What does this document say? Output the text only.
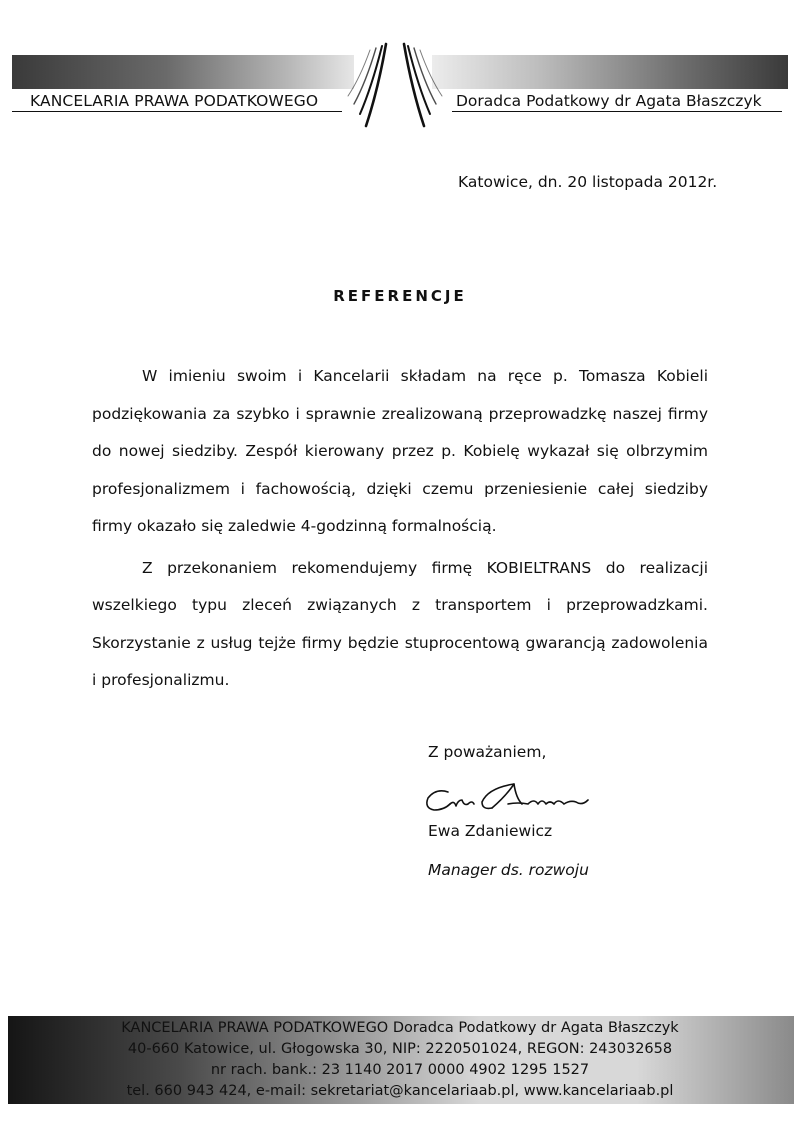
KANCELARIA PRAWA PODATKOWEGO	Doradca Podatkowy dr Agata Błaszczyk
Katowice, dn. 20 listopada 2012r.
REFERENCJE

W imieniu swoim i Kancelarii składam na ręce p. Tomasza Kobieli podziękowania za szybko i sprawnie zrealizowaną przeprowadzkę naszej firmy do nowej siedziby. Zespół kierowany przez p. Kobielę wykazał się olbrzymim profesjonalizmem i fachowością, dzięki czemu przeniesienie całej siedziby firmy okazało się zaledwie 4-godzinną formalnością.

Z przekonaniem rekomendujemy firmę KOBIELTRANS do realizacji wszelkiego typu zleceń związanych z transportem i przeprowadzkami. Skorzystanie z usług tejże firmy będzie stuprocentową gwarancją zadowolenia i profesjonalizmu.

Z poważaniem,
Ewa Zdaniewicz
Manager ds. rozwoju
KANCELARIA PRAWA PODATKOWEGO Doradca Podatkowy dr Agata Błaszczyk
40-660 Katowice, ul. Głogowska 30, NIP: 2220501024, REGON: 243032658
nr rach. bank.: 23 1140 2017 0000 4902 1295 1527
tel. 660 943 424, e-mail: sekretariat@kancelariaab.pl, www.kancelariaab.pl
